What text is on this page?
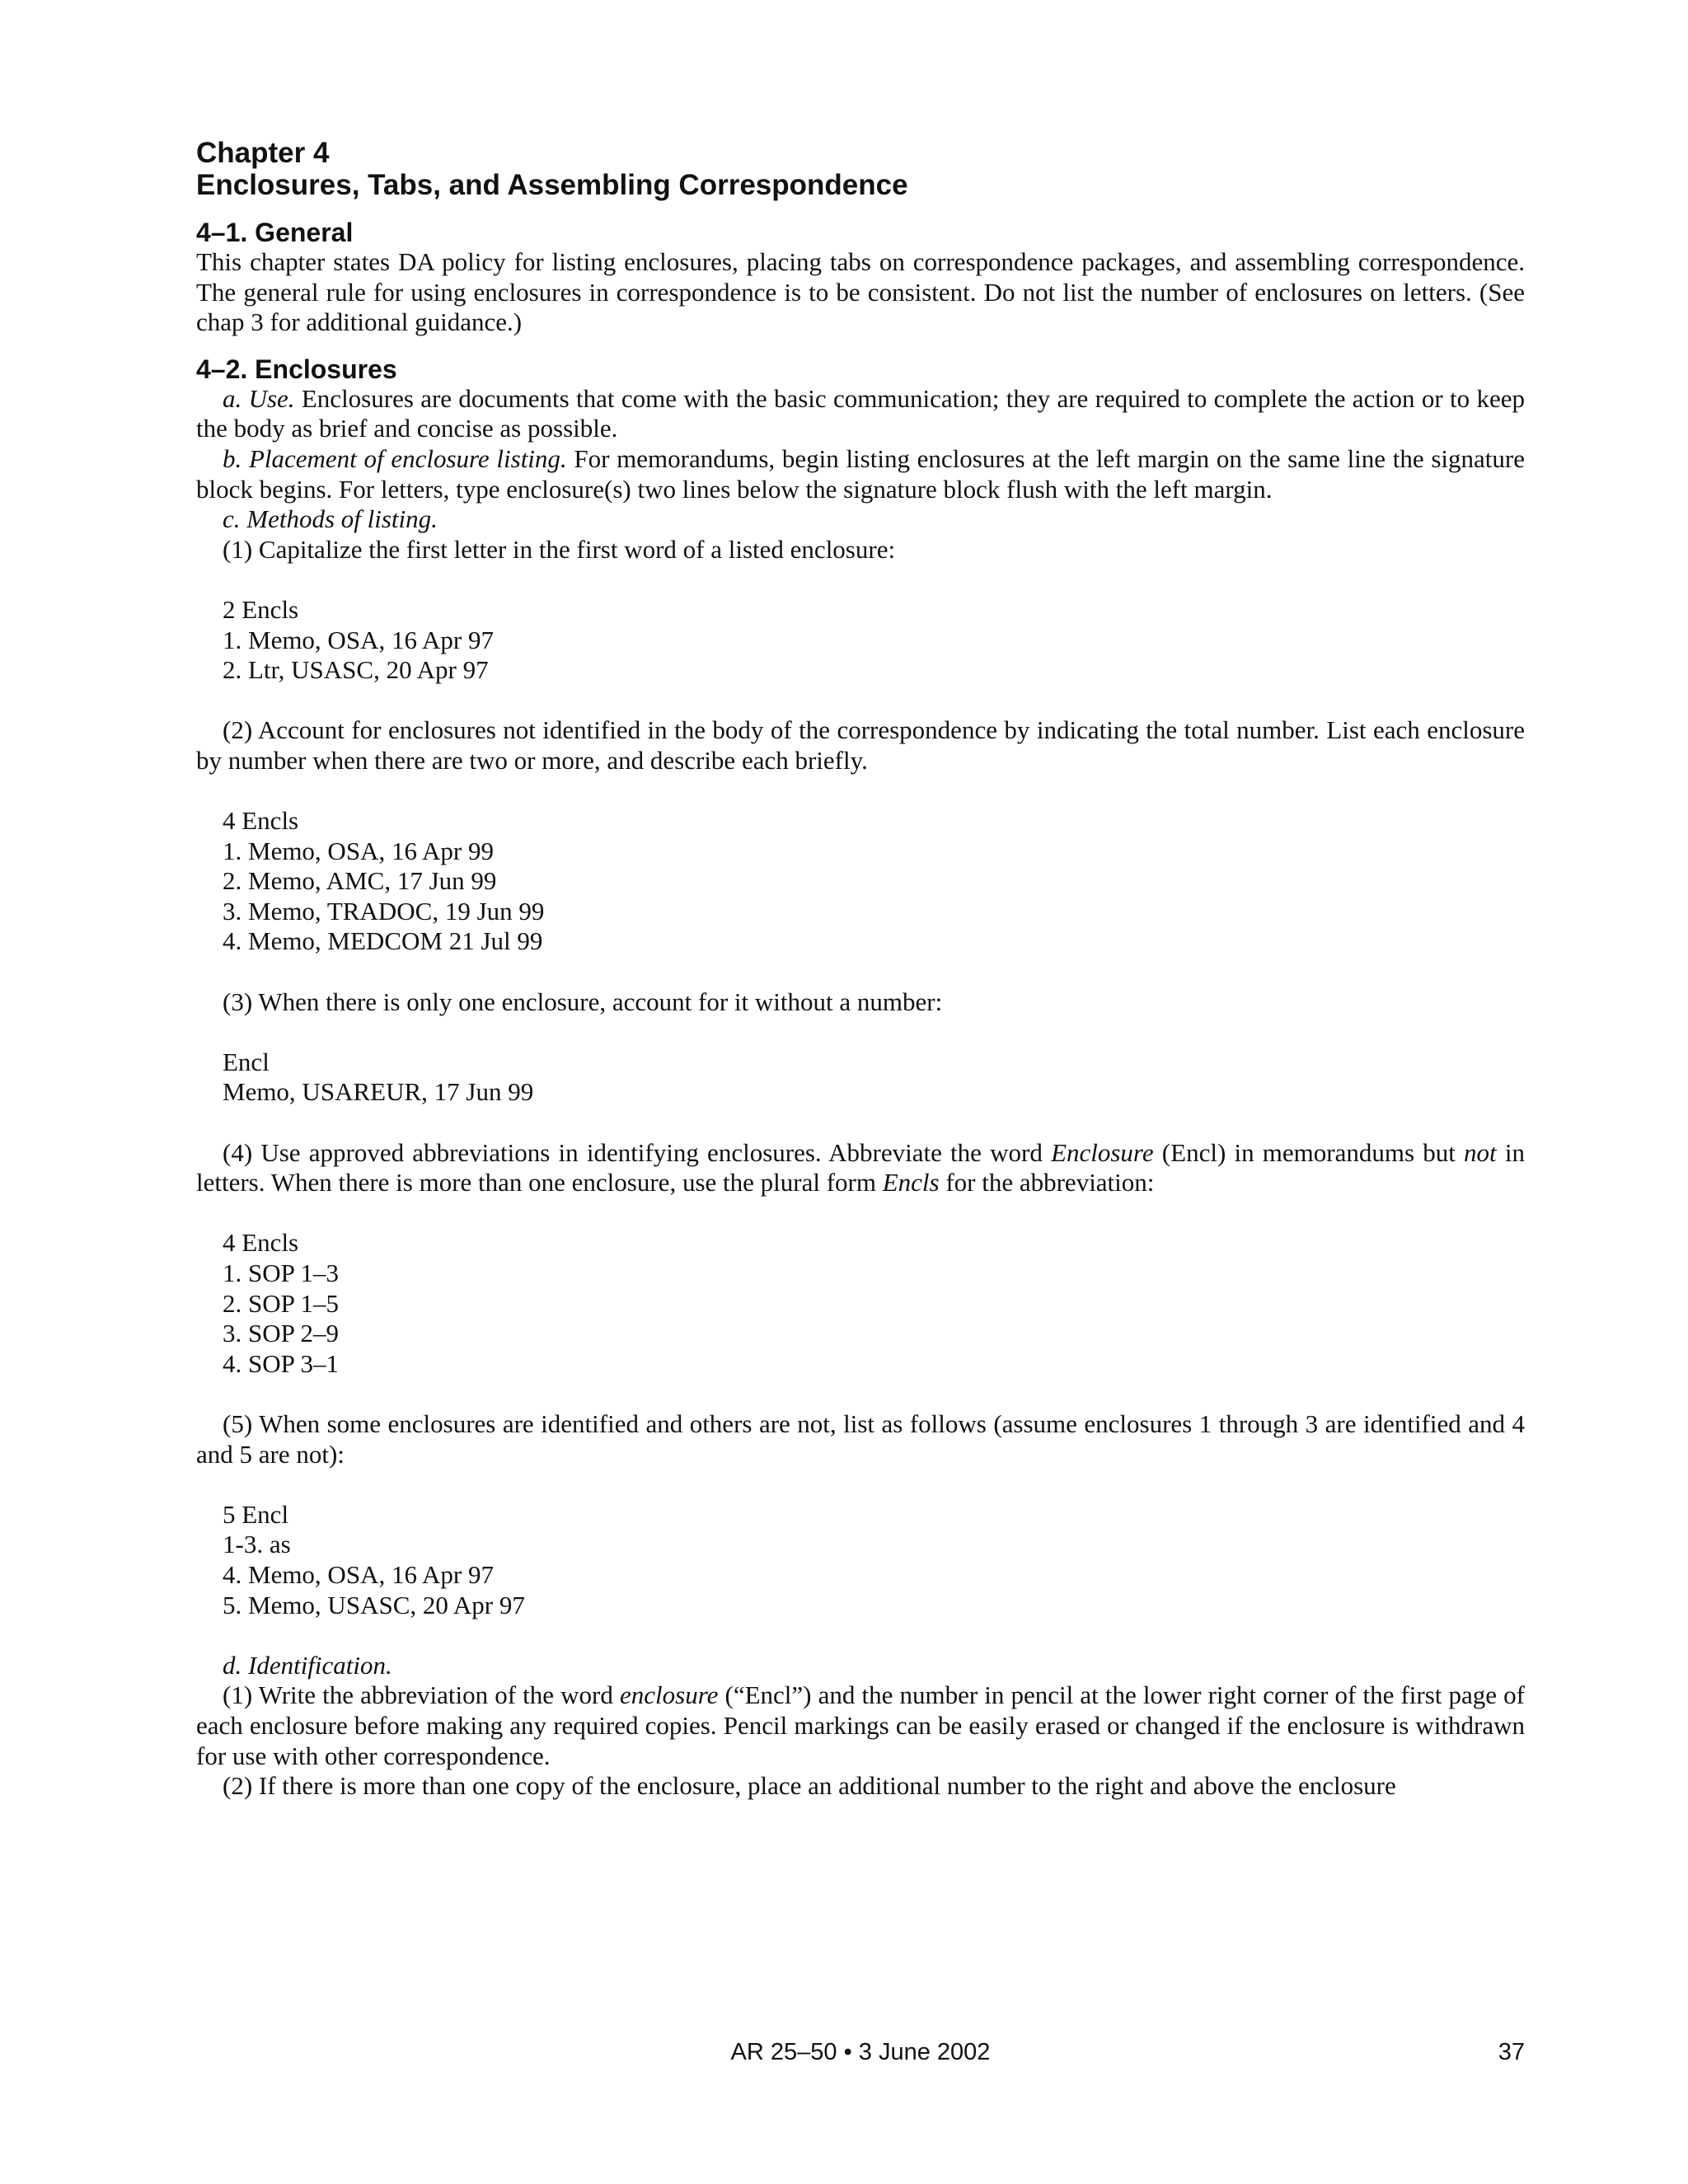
Chapter 4
Enclosures, Tabs, and Assembling Correspondence
4–1. General

This chapter states DA policy for listing enclosures, placing tabs on correspondence packages, and assembling correspondence. The general rule for using enclosures in correspondence is to be consistent. Do not list the number of enclosures on letters. (See chap 3 for additional guidance.)

4–2. Enclosures

a. Use. Enclosures are documents that come with the basic communication; they are required to complete the action or to keep the body as brief and concise as possible.

b. Placement of enclosure listing. For memorandums, begin listing enclosures at the left margin on the same line the signature block begins. For letters, type enclosure(s) two lines below the signature block flush with the left margin.

c. Methods of listing.

(1) Capitalize the first letter in the first word of a listed enclosure:

2 Encls
1. Memo, OSA, 16 Apr 97
2. Ltr, USASC, 20 Apr 97

(2) Account for enclosures not identified in the body of the correspondence by indicating the total number. List each enclosure by number when there are two or more, and describe each briefly.

4 Encls
1. Memo, OSA, 16 Apr 99
2. Memo, AMC, 17 Jun 99
3. Memo, TRADOC, 19 Jun 99
4. Memo, MEDCOM 21 Jul 99

(3) When there is only one enclosure, account for it without a number:

Encl
Memo, USAREUR, 17 Jun 99

(4) Use approved abbreviations in identifying enclosures. Abbreviate the word Enclosure (Encl) in memorandums but not in letters. When there is more than one enclosure, use the plural form Encls for the abbreviation:

4 Encls
1. SOP 1–3
2. SOP 1–5
3. SOP 2–9
4. SOP 3–1

(5) When some enclosures are identified and others are not, list as follows (assume enclosures 1 through 3 are identified and 4 and 5 are not):

5 Encl
1-3. as
4. Memo, OSA, 16 Apr 97
5. Memo, USASC, 20 Apr 97

d. Identification.

(1) Write the abbreviation of the word enclosure (“Encl”) and the number in pencil at the lower right corner of the first page of each enclosure before making any required copies. Pencil markings can be easily erased or changed if the enclosure is withdrawn for use with other correspondence.

(2) If there is more than one copy of the enclosure, place an additional number to the right and above the enclosure

AR 25–50 • 3 June 2002	37
